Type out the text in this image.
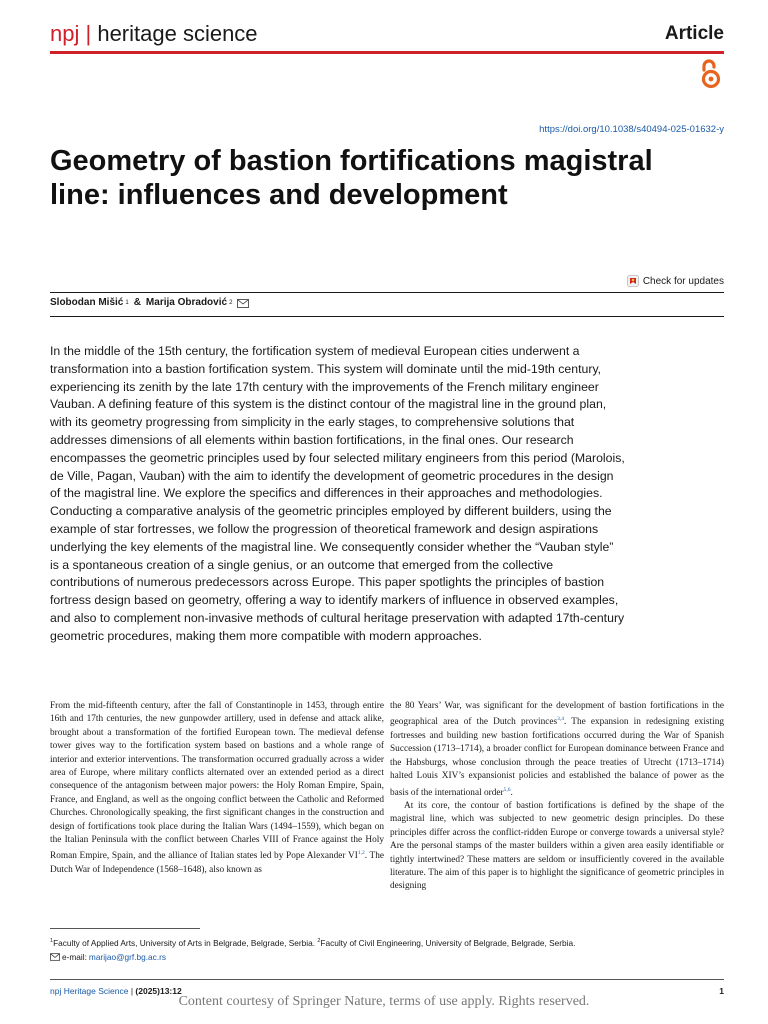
npj | heritage science	Article
https://doi.org/10.1038/s40494-025-01632-y
Geometry of bastion fortifications magistral line: influences and development
Check for updates
Slobodan Mišić 1 & Marija Obradović 2

In the middle of the 15th century, the fortification system of medieval European cities underwent a transformation into a bastion fortification system. This system will dominate until the mid-19th century, experiencing its zenith by the late 17th century with the improvements of the French military engineer Vauban. A defining feature of this system is the distinct contour of the magistral line in the ground plan, with its geometry progressing from simplicity in the early stages, to comprehensive solutions that addresses dimensions of all elements within bastion fortifications, in the final ones. Our research encompasses the geometric principles used by four selected military engineers from this period (Marolois, de Ville, Pagan, Vauban) with the aim to identify the development of geometric procedures in the design of the magistral line. We explore the specifics and differences in their approaches and methodologies. Conducting a comparative analysis of the geometric principles employed by different builders, using the example of star fortresses, we follow the progression of theoretical framework and design aspirations underlying the key elements of the magistral line. We consequently consider whether the “Vauban style” is a spontaneous creation of a single genius, or an outcome that emerged from the collective contributions of numerous predecessors across Europe. This paper spotlights the principles of bastion fortress design based on geometry, offering a way to identify markers of influence in observed examples, and also to complement non-invasive methods of cultural heritage preservation with adapted 17th-century geometric procedures, making them more compatible with modern approaches.

From the mid-fifteenth century, after the fall of Constantinople in 1453, through entire 16th and 17th centuries, the new gunpowder artillery, used in defense and attack alike, brought about a transformation of the fortified European town. The medieval defense tower gives way to the fortification system based on bastions and a whole range of interior and exterior interventions. The transformation occurred gradually across a wider area of Europe, where military conflicts alternated over an extended period as a direct consequence of the antagonism between major powers: the Holy Roman Empire, Spain, France, and England, as well as the ongoing conflict between the Catholic and Reformed Churches. Chronologically speaking, the first significant changes in the construction and design of fortifications took place during the Italian Wars (1494–1559), which began on the Italian Peninsula with the conflict between Charles VIII of France against the Holy Roman Empire, Spain, and the alliance of Italian states led by Pope Alexander VI$^{1,2}$. The Dutch War of Independence (1568–1648), also known as

the 80 Years’ War, was significant for the development of bastion fortifications in the geographical area of the Dutch provinces$^{3,4}$. The expansion in redesigning existing fortresses and building new bastion fortifications occurred during the War of Spanish Succession (1713–1714), a broader conflict for European dominance between France and the Habsburgs, whose conclusion through the peace treaties of Utrecht (1713–1714) halted Louis XIV’s expansionist policies and established the balance of power as the basis of the international order$^{5,6}$.

At its core, the contour of bastion fortifications is defined by the shape of the magistral line, which was subjected to new geometric design principles. Do these principles differ across the conflict-ridden Europe or converge towards a universal style? Are the personal stamps of the master builders within a given area easily identifiable or tightly intertwined? These matters are seldom or insufficiently covered in the available literature. The aim of this paper is to highlight the significance of geometric principles in designing

$^1$Faculty of Applied Arts, University of Arts in Belgrade, Belgrade, Serbia. $^2$Faculty of Civil Engineering, University of Belgrade, Belgrade, Serbia.
e-mail: marijao@grf.bg.ac.rs
npj Heritage Science | (2025)13:12	1
Content courtesy of Springer Nature, terms of use apply. Rights reserved.
